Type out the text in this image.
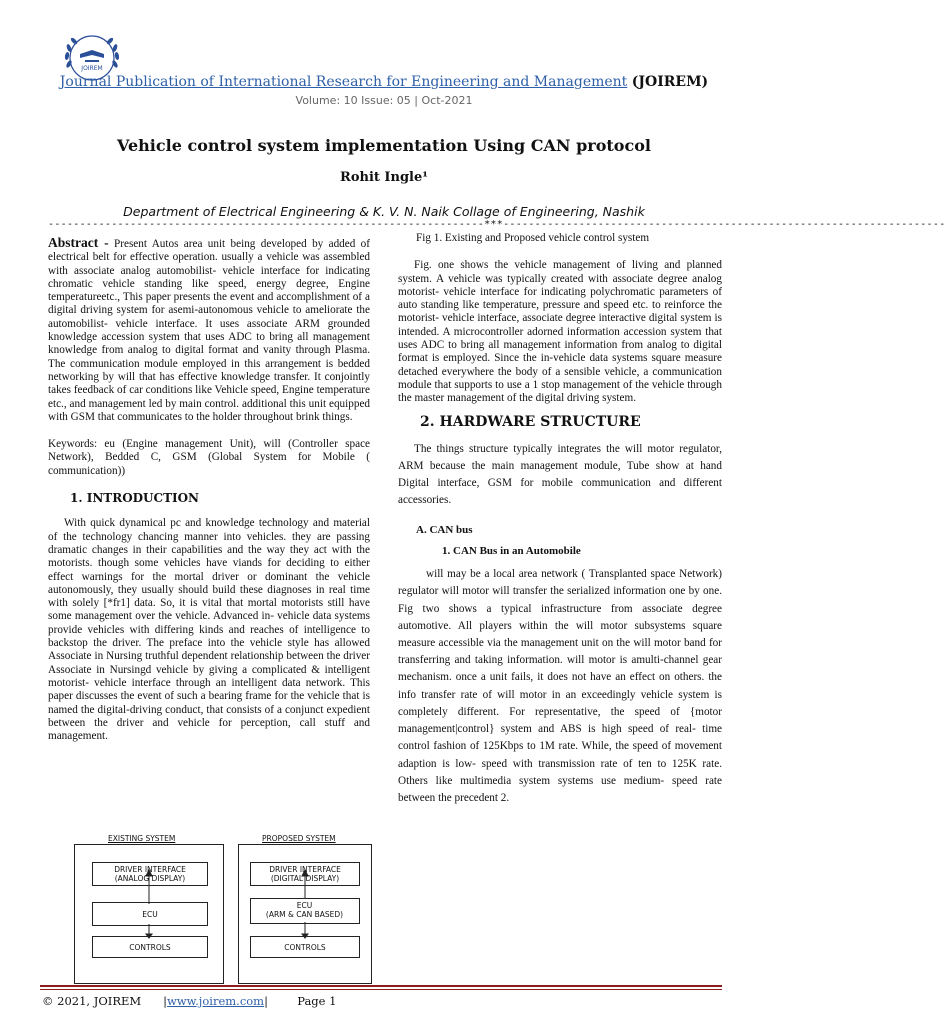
JOIREM
Journal Publication of International Research for Engineering and Management (JOIREM)
Volume: 10 Issue: 05 | Oct-2021
Vehicle control system implementation Using CAN protocol
Rohit Ingle¹
Department of Electrical Engineering & K. V. N. Naik Collage of Engineering, Nashik
---------------------------------------------------------------------***----------------------------------------------------------------------

Abstract - Present Autos area unit being developed by added of electrical belt for effective operation. usually a vehicle was assembled with associate analog automobilist- vehicle interface for indicating chromatic vehicle standing like speed, energy degree, Engine temperatureetc., This paper presents the event and accomplishment of a digital driving system for asemi-autonomous vehicle to ameliorate the automobilist- vehicle interface. It uses associate ARM grounded knowledge accession system that uses ADC to bring all management knowledge from analog to digital format and vanity through Plasma. The communication module employed in this arrangement is bedded networking by will that has effective knowledge transfer. It conjointly takes feedback of car conditions like Vehicle speed, Engine temperature etc., and management led by main control. additional this unit equipped with GSM that communicates to the holder throughout brink things.

Keywords: eu (Engine management Unit), will (Controller space Network), Bedded C, GSM (Global System for Mobile ( communication))

1. INTRODUCTION

With quick dynamical pc and knowledge technology and material of the technology chancing manner into vehicles. they are passing dramatic changes in their capabilities and the way they act with the motorists. though some vehicles have viands for deciding to either effect warnings for the mortal driver or dominant the vehicle autonomously, they usually should build these diagnoses in real time with solely [*fr1] data. So, it is vital that mortal motorists still have some management over the vehicle. Advanced in- vehicle data systems provide vehicles with differing kinds and reaches of intelligence to backstop the driver. The preface into the vehicle style has allowed Associate in Nursing truthful dependent relationship between the driver Associate in Nursingd vehicle by giving a complicated & intelligent motorist- vehicle interface through an intelligent data network. This paper discusses the event of such a bearing frame for the vehicle that is named the digital-driving conduct, that consists of a conjunct expedient between the driver and vehicle for perception, call stuff and management.

EXISTING SYSTEM	PROPOSED SYSTEM
DRIVER INTERFACE (ANALOG DISPLAY)
ECU
CONTROLS
DRIVER INTERFACE (DIGITAL DISPLAY)
ECU
(ARM & CAN BASED)
CONTROLS

Fig 1. Existing and Proposed vehicle control system

Fig. one shows the vehicle management of living and planned system. A vehicle was typically created with associate degree analog motorist- vehicle interface for indicating polychromatic parameters of auto standing like temperature, pressure and speed etc. to reinforce the motorist- vehicle interface, associate degree interactive digital system is intended. A microcontroller adorned information accession system that uses ADC to bring all management information from analog to digital format is employed. Since the in-vehicle data systems square measure detached everywhere the body of a sensible vehicle, a communication module that supports to use a 1 stop management of the vehicle through the master management of the digital driving system.

2. HARDWARE STRUCTURE

The things structure typically integrates the will motor regulator, ARM because the main management module, Tube show at hand Digital interface, GSM for mobile communication and different accessories.

A. CAN bus
1. CAN Bus in an Automobile

will may be a local area network ( Transplanted space Network) regulator will motor will transfer the serialized information one by one. Fig two shows a typical infrastructure from associate degree automotive. All players within the will motor subsystems square measure accessible via the management unit on the will motor band for transferring and taking information. will motor is amulti-channel gear mechanism. once a unit fails, it does not have an effect on others. the info transfer rate of will motor in an exceedingly vehicle system is completely different. For representative, the speed of {motor management|control} system and ABS is high speed of real- time control fashion of 125Kbps to 1M rate. While, the speed of movement adaption is low- speed with transmission rate of ten to 125K rate. Others like multimedia system systems use medium- speed rate between the precedent 2.

© 2021, JOIREM |www.joirem.com|	Page 1
